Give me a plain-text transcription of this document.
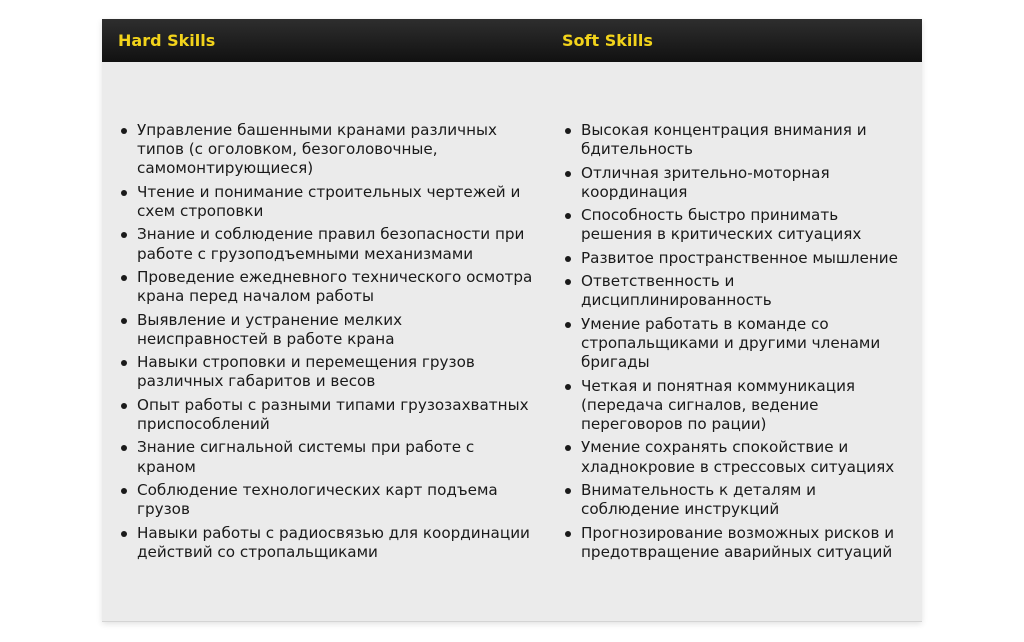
Hard Skills	Soft Skills
Управление башенными кранами различных типов (с оголовком, безоголовочные, самомонтирующиеся)
Чтение и понимание строительных чертежей и схем строповки
Знание и соблюдение правил безопасности при работе с грузоподъемными механизмами
Проведение ежедневного технического осмотра крана перед началом работы
Выявление и устранение мелких неисправностей в работе крана
Навыки строповки и перемещения грузов различных габаритов и весов
Опыт работы с разными типами грузозахватных приспособлений
Знание сигнальной системы при работе с краном
Соблюдение технологических карт подъема грузов
Навыки работы с радиосвязью для координации действий со стропальщиками
Высокая концентрация внимания и бдительность
Отличная зрительно-моторная координация
Способность быстро принимать решения в критических ситуациях
Развитое пространственное мышление
Ответственность и дисциплинированность
Умение работать в команде со стропальщиками и другими членами бригады
Четкая и понятная коммуникация (передача сигналов, ведение переговоров по рации)
Умение сохранять спокойствие и хладнокровие в стрессовых ситуациях
Внимательность к деталям и соблюдение инструкций
Прогнозирование возможных рисков и предотвращение аварийных ситуаций
